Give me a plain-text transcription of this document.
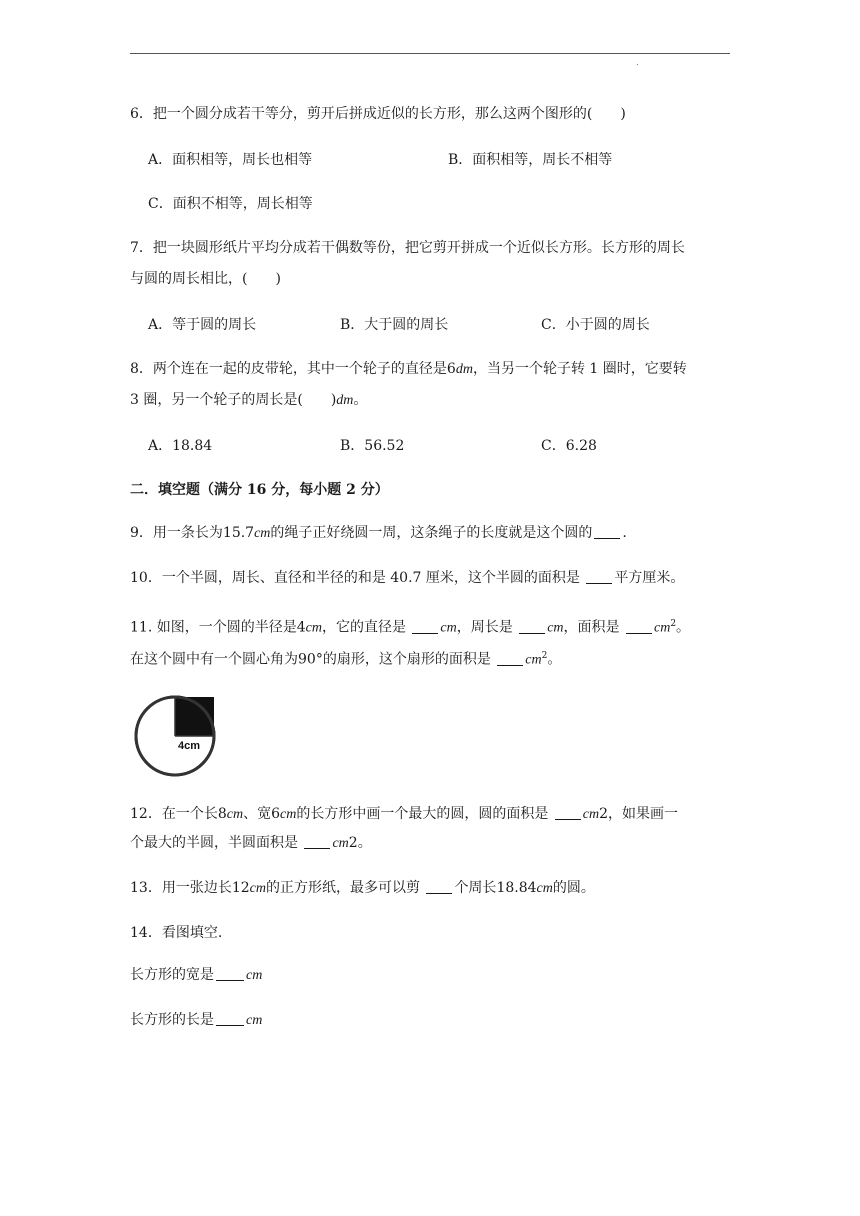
.
6．把一个圆分成若干等分，剪开后拼成近似的长方形，那么这两个图形的( )
A．面积相等，周长也相等	B．面积相等，周长不相等
C．面积不相等，周长相等
7．把一块圆形纸片平均分成若干偶数等份，把它剪开拼成一个近似长方形。长方形的周长
与圆的周长相比，( )
A．等于圆的周长	B．大于圆的周长	C．小于圆的周长
8．两个连在一起的皮带轮，其中一个轮子的直径是6dm，当另一个轮子转 1 圈时，它要转
3 圈，另一个轮子的周长是( )dm。
A．18.84	B．56.52	C．6.28
二．填空题（满分 16 分，每小题 2 分）
9．用一条长为15.7cm的绳子正好绕圆一周，这条绳子的长度就是这个圆的 .
10．一个半圆，周长、直径和半径的和是 40.7 厘米，这个半圆的面积是 平方厘米。
11. 如图，一个圆的半径是4cm，它的直径是 cm，周长是 cm，面积是 $cm^2$。
在这个圆中有一个圆心角为90°的扇形，这个扇形的面积是 $cm^2$。
4cm
12．在一个长8cm、宽6cm的长方形中画一个最大的圆，圆的面积是 cm2，如果画一
个最大的半圆，半圆面积是 cm2。
13．用一张边长12cm的正方形纸，最多可以剪 个周长18.84cm的圆。
14．看图填空.
长方形的宽是 cm
长方形的长是 cm
